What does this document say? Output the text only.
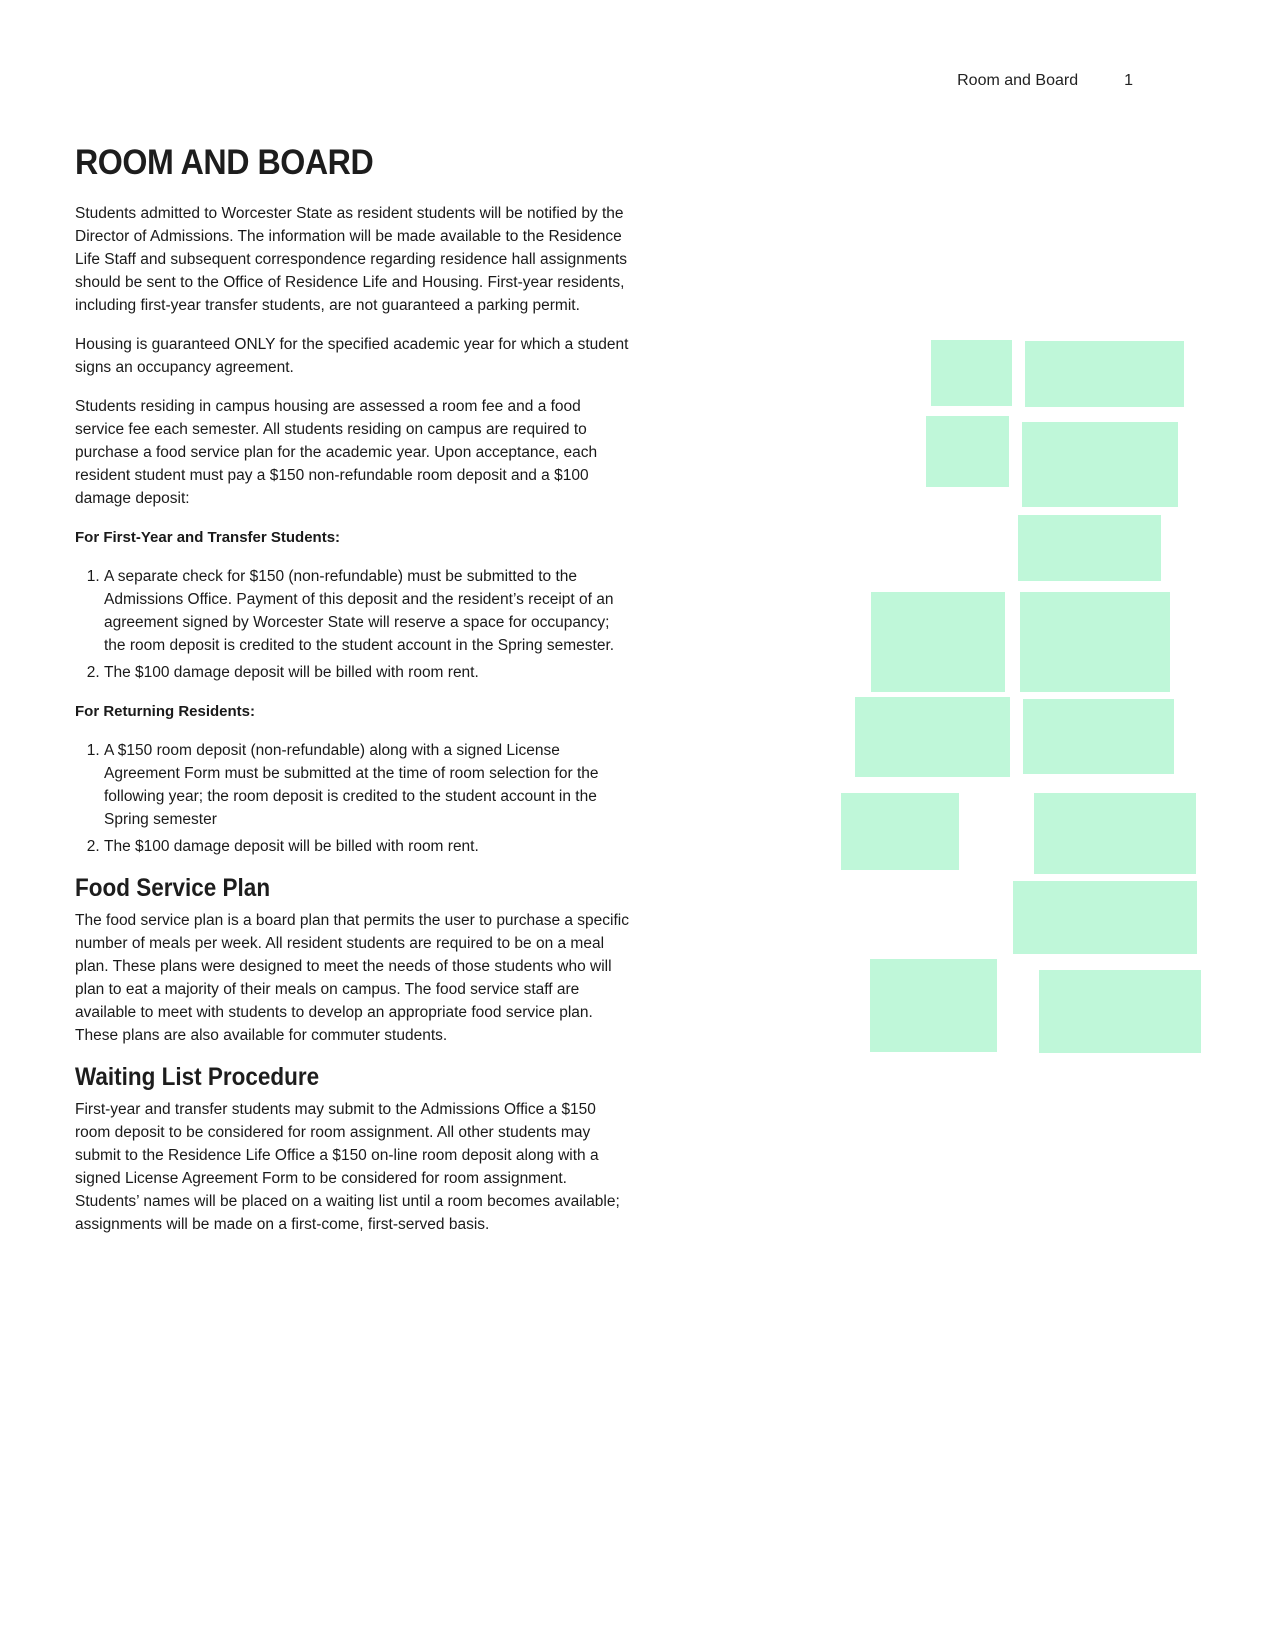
Room and Board	1
ROOM AND BOARD

Students admitted to Worcester State as resident students will be notified by the Director of Admissions. The information will be made available to the Residence Life Staff and subsequent correspondence regarding residence hall assignments should be sent to the Office of Residence Life and Housing. First-year residents, including first-year transfer students, are not guaranteed a parking permit.

Housing is guaranteed ONLY for the specified academic year for which a student signs an occupancy agreement.

Students residing in campus housing are assessed a room fee and a food service fee each semester. All students residing on campus are required to purchase a food service plan for the academic year. Upon acceptance, each resident student must pay a $150 non-refundable room deposit and a $100 damage deposit:

For First-Year and Transfer Students:

1. A separate check for $150 (non-refundable) must be submitted to the Admissions Office. Payment of this deposit and the resident’s receipt of an agreement signed by Worcester State will reserve a space for occupancy; the room deposit is credited to the student account in the Spring semester.
2. The $100 damage deposit will be billed with room rent.

For Returning Residents:

1. A $150 room deposit (non-refundable) along with a signed License Agreement Form must be submitted at the time of room selection for the following year; the room deposit is credited to the student account in the Spring semester
2. The $100 damage deposit will be billed with room rent.
Food Service Plan

The food service plan is a board plan that permits the user to purchase a specific number of meals per week. All resident students are required to be on a meal plan. These plans were designed to meet the needs of those students who will plan to eat a majority of their meals on campus. The food service staff are available to meet with students to develop an appropriate food service plan. These plans are also available for commuter students.

Waiting List Procedure

First-year and transfer students may submit to the Admissions Office a $150 room deposit to be considered for room assignment. All other students may submit to the Residence Life Office a $150 on-line room deposit along with a signed License Agreement Form to be considered for room assignment. Students’ names will be placed on a waiting list until a room becomes available; assignments will be made on a first-come, first-served basis.
